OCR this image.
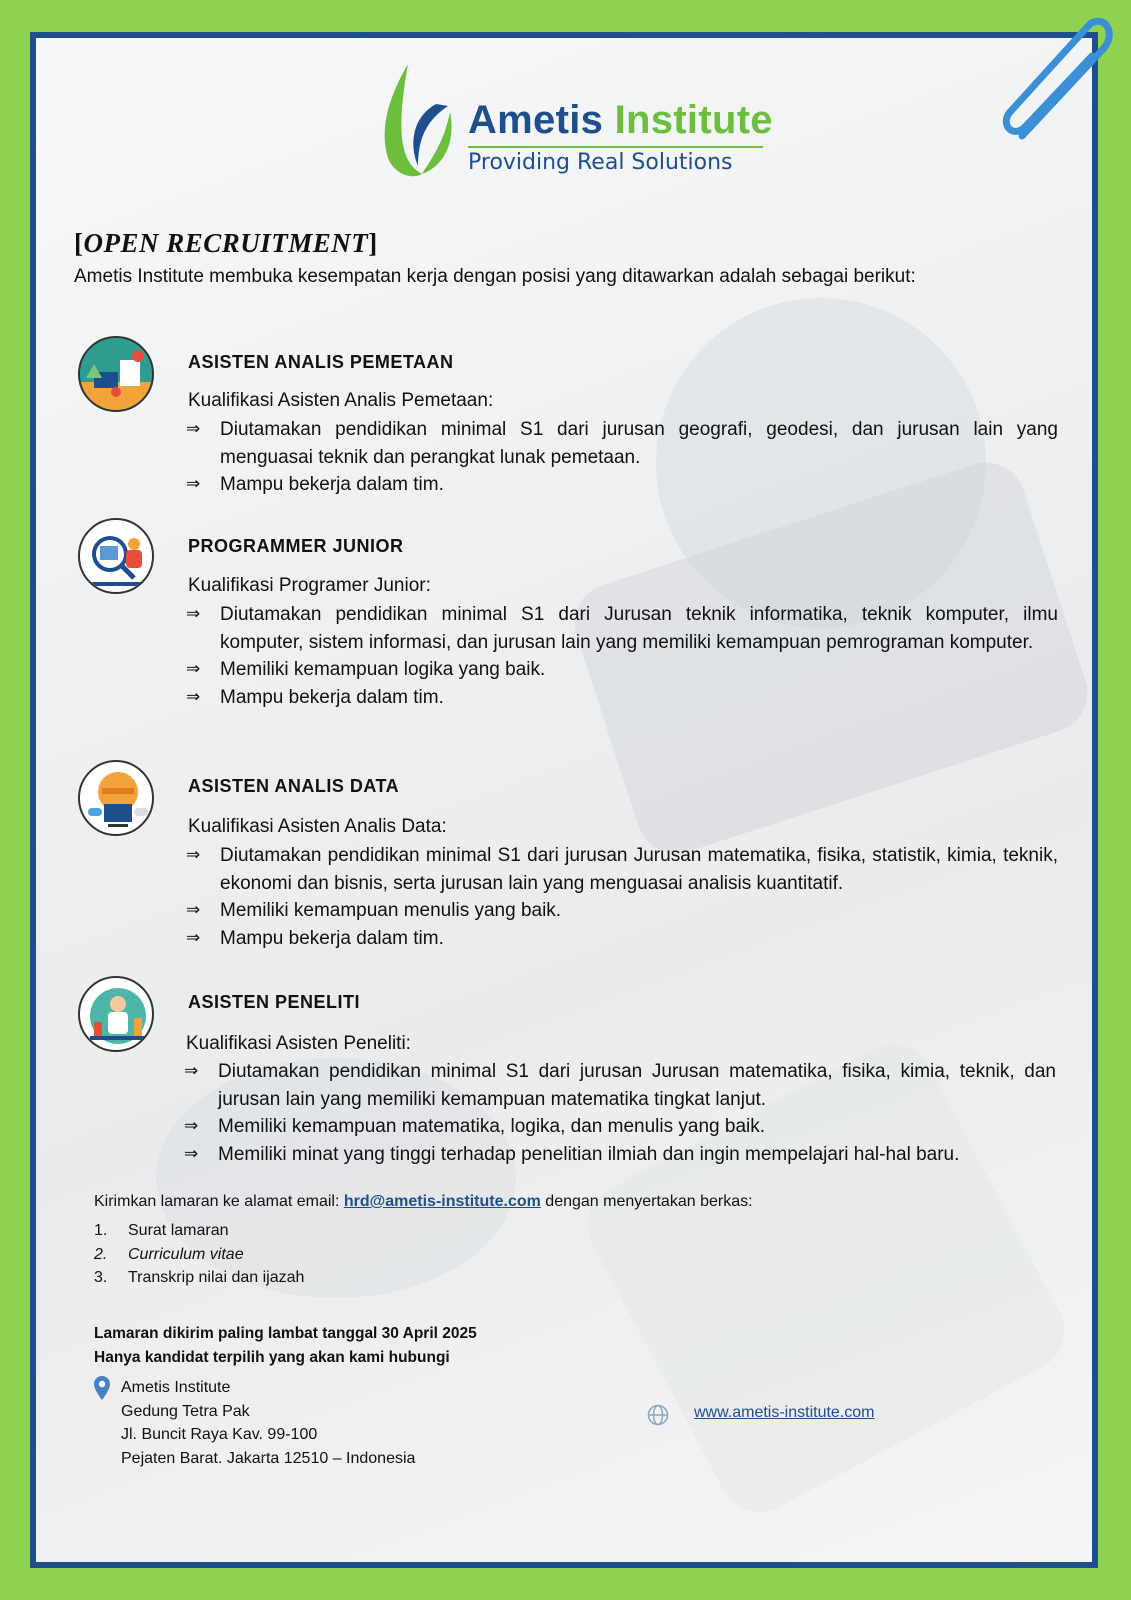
Ametis Institute
Providing Real Solutions
[OPEN RECRUITMENT]
Ametis Institute membuka kesempatan kerja dengan posisi yang ditawarkan adalah sebagai berikut:
ASISTEN ANALIS PEMETAAN
Kualifikasi Asisten Analis Pemetaan:
⇒ Diutamakan pendidikan minimal S1 dari jurusan geografi, geodesi, dan jurusan lain yang menguasai teknik dan perangkat lunak pemetaan.
⇒ Mampu bekerja dalam tim.
PROGRAMMER JUNIOR
Kualifikasi Programer Junior:
⇒ Diutamakan pendidikan minimal S1 dari Jurusan teknik informatika, teknik komputer, ilmu komputer, sistem informasi, dan jurusan lain yang memiliki kemampuan pemrograman komputer.
⇒ Memiliki kemampuan logika yang baik.
⇒ Mampu bekerja dalam tim.
ASISTEN ANALIS DATA
Kualifikasi Asisten Analis Data:
⇒ Diutamakan pendidikan minimal S1 dari jurusan Jurusan matematika, fisika, statistik, kimia, teknik, ekonomi dan bisnis, serta jurusan lain yang menguasai analisis kuantitatif.
⇒ Memiliki kemampuan menulis yang baik.
⇒ Mampu bekerja dalam tim.
ASISTEN PENELITI
Kualifikasi Asisten Peneliti:
⇒ Diutamakan pendidikan minimal S1 dari jurusan Jurusan matematika, fisika, kimia, teknik, dan jurusan lain yang memiliki kemampuan matematika tingkat lanjut.
⇒ Memiliki kemampuan matematika, logika, dan menulis yang baik.
⇒ Memiliki minat yang tinggi terhadap penelitian ilmiah dan ingin mempelajari hal-hal baru.
Kirimkan lamaran ke alamat email: hrd@ametis-institute.com dengan menyertakan berkas:
1. Surat lamaran
2. Curriculum vitae
3. Transkrip nilai dan ijazah
Lamaran dikirim paling lambat tanggal 30 April 2025
Hanya kandidat terpilih yang akan kami hubungi
Ametis Institute
Gedung Tetra Pak
Jl. Buncit Raya Kav. 99-100
Pejaten Barat. Jakarta 12510 – Indonesia
www.ametis-institute.com
